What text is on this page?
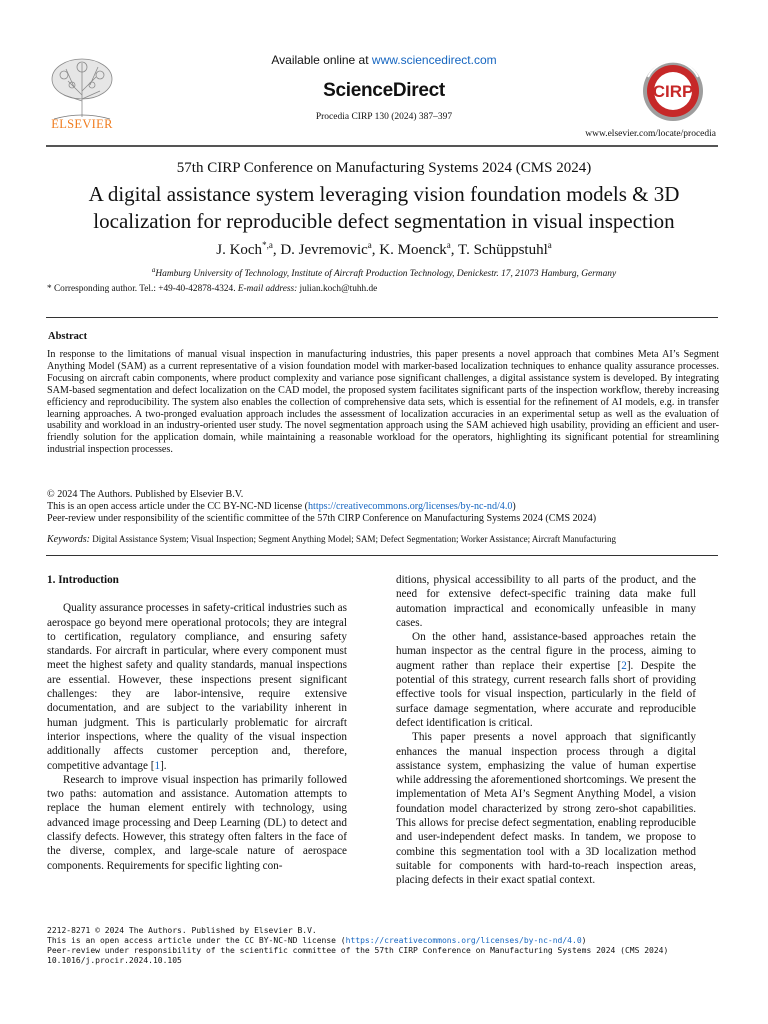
ELSEVIER
Available online at www.sciencedirect.com
ScienceDirect
Procedia CIRP 130 (2024) 387–397
CIRP
www.elsevier.com/locate/procedia
57th CIRP Conference on Manufacturing Systems 2024 (CMS 2024)
A digital assistance system leveraging vision foundation models & 3D
localization for reproducible defect segmentation in visual inspection
J. Koch$^{*,a}$, D. Jevremovic$^a$, K. Moenck$^a$, T. Schüppstuhl$^a$
$^a$Hamburg University of Technology, Institute of Aircraft Production Technology, Denickestr. 17, 21073 Hamburg, Germany
* Corresponding author. Tel.: +49-40-42878-4324. E-mail address: julian.koch@tuhh.de
Abstract
In response to the limitations of manual visual inspection in manufacturing industries, this paper presents a novel approach that combines Meta AI’s Segment Anything Model (SAM) as a current representative of a vision foundation model with marker-based localization techniques to enhance quality assurance processes. Focusing on aircraft cabin components, where product complexity and variance pose significant challenges, a digital assistance system is developed. By integrating SAM-based segmentation and defect localization on the CAD model, the proposed system facilitates significant parts of the inspection workflow, thereby increasing efficiency and reproducibility. The system also enables the collection of comprehensive data sets, which is essential for the refinement of AI models, e.g. in transfer learning approaches. A two-pronged evaluation approach includes the assessment of localization accuracies in an experimental setup as well as the evaluation of usability and workload in an industry-oriented user study. The novel segmentation approach using the SAM achieved high usability, providing an efficient and user-friendly solution for the application domain, while maintaining a reasonable workload for the operators, highlighting its significant potential for streamlining industrial inspection processes.
© 2024 The Authors. Published by Elsevier B.V.
This is an open access article under the CC BY-NC-ND license (https://creativecommons.org/licenses/by-nc-nd/4.0)
Peer-review under responsibility of the scientific committee of the 57th CIRP Conference on Manufacturing Systems 2024 (CMS 2024)
Keywords: Digital Assistance System; Visual Inspection; Segment Anything Model; SAM; Defect Segmentation; Worker Assistance; Aircraft Manufacturing
1. Introduction

Quality assurance processes in safety-critical industries such as aerospace go beyond mere operational protocols; they are integral to certification, regulatory compliance, and ensuring safety standards. For aircraft in particular, where every component must meet the highest safety and quality standards, manual inspections are essential. However, these inspections present significant challenges: they are labor-intensive, require extensive documentation, and are subject to the variability inherent in human judgment. This is particularly problematic for aircraft interior inspections, where the quality of the visual inspection additionally affects customer perception and, therefore, competitive advantage [1].

Research to improve visual inspection has primarily followed two paths: automation and assistance. Automation attempts to replace the human element entirely with technology, using advanced image processing and Deep Learning (DL) to detect and classify defects. However, this strategy often falters in the face of the diverse, complex, and large-scale nature of aerospace components. Requirements for specific lighting con-

ditions, physical accessibility to all parts of the product, and the need for extensive defect-specific training data make full automation impractical and economically unfeasible in many cases.

On the other hand, assistance-based approaches retain the human inspector as the central figure in the process, aiming to augment rather than replace their expertise [2]. Despite the potential of this strategy, current research falls short of providing effective tools for visual inspection, particularly in the field of surface damage segmentation, where accurate and reproducible defect identification is critical.

This paper presents a novel approach that significantly enhances the manual inspection process through a digital assistance system, emphasizing the value of human expertise while addressing the aforementioned shortcomings. We present the implementation of Meta AI’s Segment Anything Model, a vision foundation model characterized by strong zero-shot capabilities. This allows for precise defect segmentation, enabling reproducible and user-independent defect masks. In tandem, we propose to combine this segmentation tool with a 3D localization method suitable for components with hard-to-reach inspection areas, placing defects in their exact spatial context.

2212-8271 © 2024 The Authors. Published by Elsevier B.V.
This is an open access article under the CC BY-NC-ND license (https://creativecommons.org/licenses/by-nc-nd/4.0)
Peer-review under responsibility of the scientific committee of the 57th CIRP Conference on Manufacturing Systems 2024 (CMS 2024)
10.1016/j.procir.2024.10.105
